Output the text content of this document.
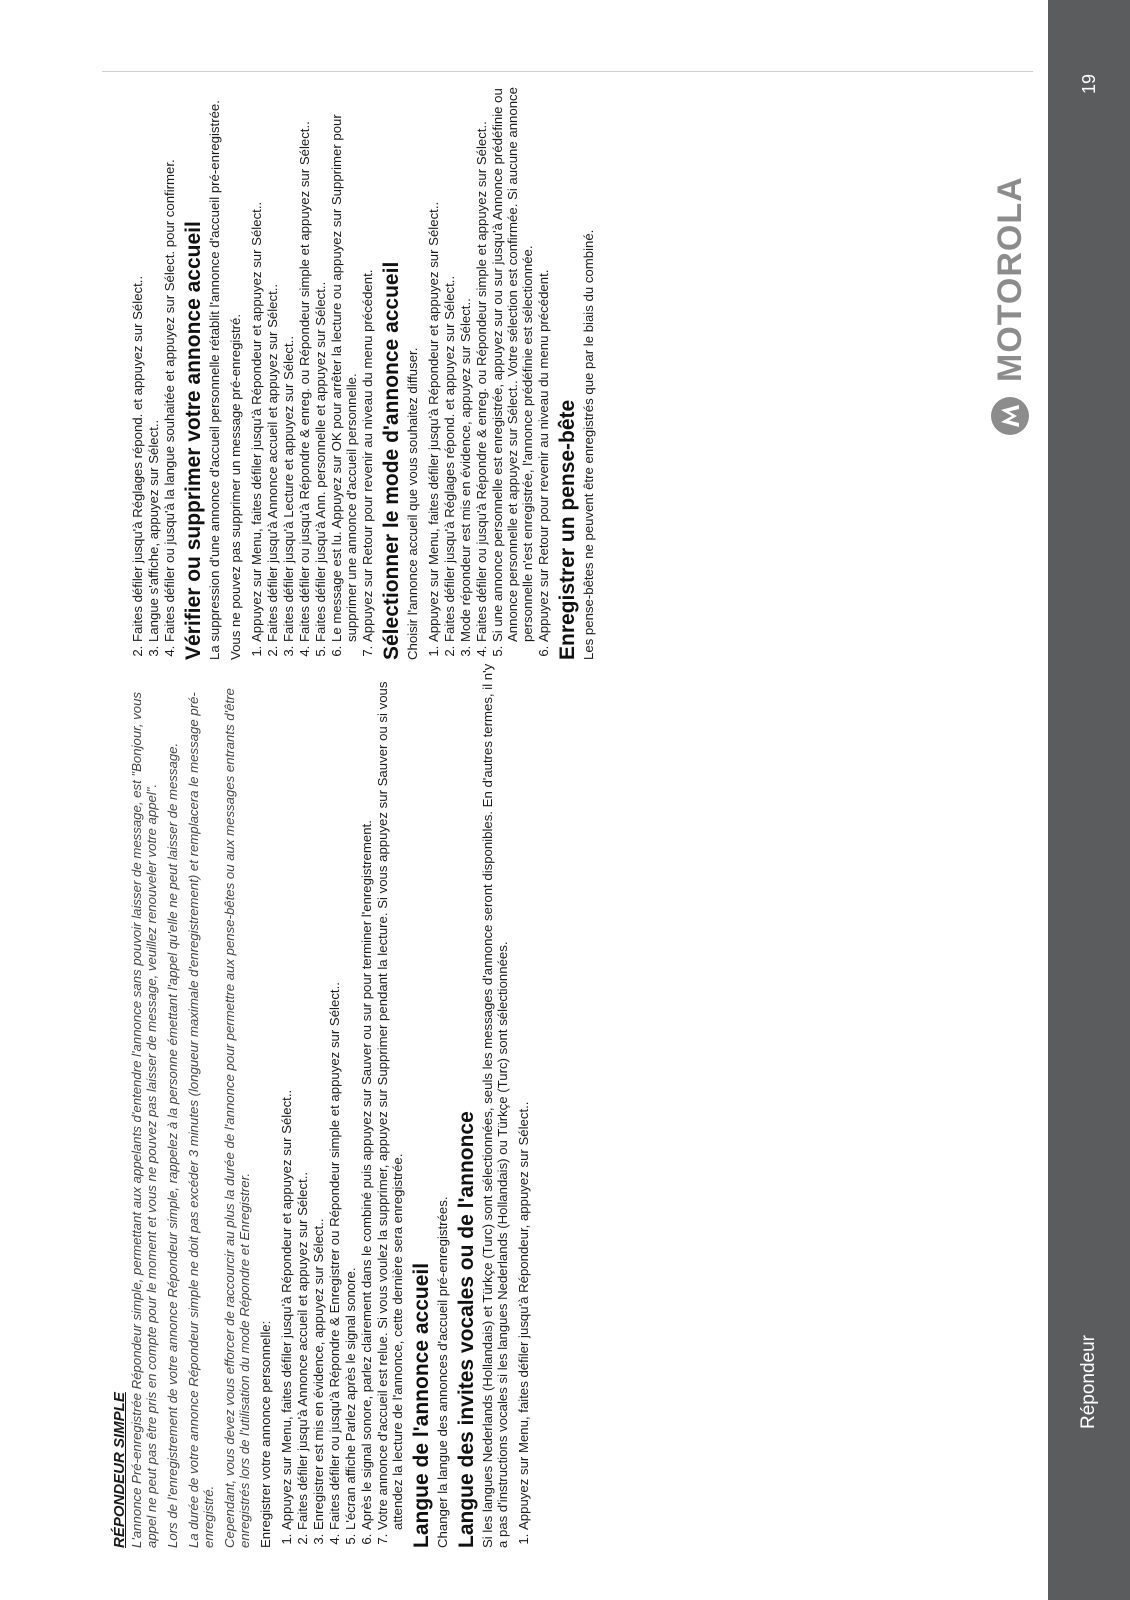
19
Répondeur
MOTOROLA
RÉPONDEUR SIMPLE L'annonce Pré-enregistrée Répondeur simple, permettant aux appelants d'entendre l'annonce sans pouvoir laisser de message, est "Bonjour, vous appel ne peut pas être pris en compte pour le moment et vous ne pouvez pas laisser de message, veuillez renouveler votre appel". Lors de l'enregistrement de votre annonce Répondeur simple, rappelez à la personne émettant l'appel qu'elle ne peut laisser de message. La durée de votre annonce Répondeur simple ne doit pas excéder 3 minutes (longueur maximale d'enregistrement) et remplacera le message pré-enregistré. Cependant, vous devez vous efforcer de raccourcir au plus la durée de l'annonce pour permettre aux pense-bêtes ou aux messages entrants d'être enregistrés lors de l'utilisation du mode Répondre et Enregistrer. Enregistrer votre annonce personnelle: 1. Appuyez sur Menu, faites défiler jusqu'à Répondeur et appuyez sur Sélect.. 2. Faites défiler jusqu'à Annonce accueil et appuyez sur Sélect.. 3. Enregistrer est mis en évidence, appuyez sur Sélect.. 4. Faites défiler ou jusqu'à Répondre & Enregistrer ou Répondeur simple et appuyez sur Sélect.. 5. L'écran affiche Parlez après le signal sonore. 6. Après le signal sonore, parlez clairement dans le combiné puis appuyez sur Sauver ou sur pour terminer l'enregistrement. 7. Votre annonce d'accueil est relue. Si vous voulez la supprimer, appuyez sur Supprimer pendant la lecture. Si vous appuyez sur Sauver ou si vous attendez la lecture de l'annonce, cette dernière sera enregistrée. Langue de l'annonce accueil Changer la langue des annonces d'accueil pré-enregistrées. Langue des invites vocales ou de l'annonce Si les langues Nederlands (Hollandais) et Türkçe (Turc) sont sélectionnées, seuls les messages d'annonce seront disponibles. En d'autres termes, il n'y a pas d'instructions vocales si les langues Nederlands (Hollandais) ou Türkçe (Turc) sont sélectionnées. 1. Appuyez sur Menu, faites défiler jusqu'à Répondeur, appuyez sur Sélect..
2. Faites défiler jusqu'à Réglages répond. et appuyez sur Sélect.. 3. Langue s'affiche, appuyez sur Sélect.. 4. Faites défiler ou jusqu'à la langue souhaitée et appuyez sur Sélect. pour confirmer. Vérifier ou supprimer votre annonce accueil La suppression d'une annonce d'accueil personnelle rétablit l'annonce d'accueil pré-enregistrée. Vous ne pouvez pas supprimer un message pré-enregistré. 1. Appuyez sur Menu, faites défiler jusqu'à Répondeur et appuyez sur Sélect.. 2. Faites défiler jusqu'à Annonce accueil et appuyez sur Sélect.. 3. Faites défiler jusqu'à Lecture et appuyez sur Sélect.. 4. Faites défiler ou jusqu'à Répondre & enreg. ou Répondeur simple et appuyez sur Sélect.. 5. Faites défiler jusqu'à Ann. personnelle et appuyez sur Sélect.. 6. Le message est lu. Appuyez sur OK pour arrêter la lecture ou appuyez sur Supprimer pour supprimer une annonce d'accueil personnelle. 7. Appuyez sur Retour pour revenir au niveau du menu précédent. Sélectionner le mode d'annonce accueil Choisir l'annonce accueil que vous souhaitez diffuser. 1. Appuyez sur Menu, faites défiler jusqu'à Répondeur et appuyez sur Sélect.. 2. Faites défiler jusqu'à Réglages répond. et appuyez sur Sélect.. 3. Mode répondeur est mis en évidence, appuyez sur Sélect.. 4. Faites défiler ou jusqu'à Répondre & enreg. ou Répondeur simple et appuyez sur Sélect.. 5. Si une annonce personnelle est enregistrée, appuyez sur ou sur jusqu'à Annonce prédéfinie ou Annonce personnelle et appuyez sur Sélect.. Votre sélection est confirmée. Si aucune annonce personnelle n'est enregistrée, l'annonce prédéfinie est sélectionnée. 6. Appuyez sur Retour pour revenir au niveau du menu précédent. Enregistrer un pense-bête Les pense-bêtes ne peuvent être enregistrés que par le biais du combiné.
